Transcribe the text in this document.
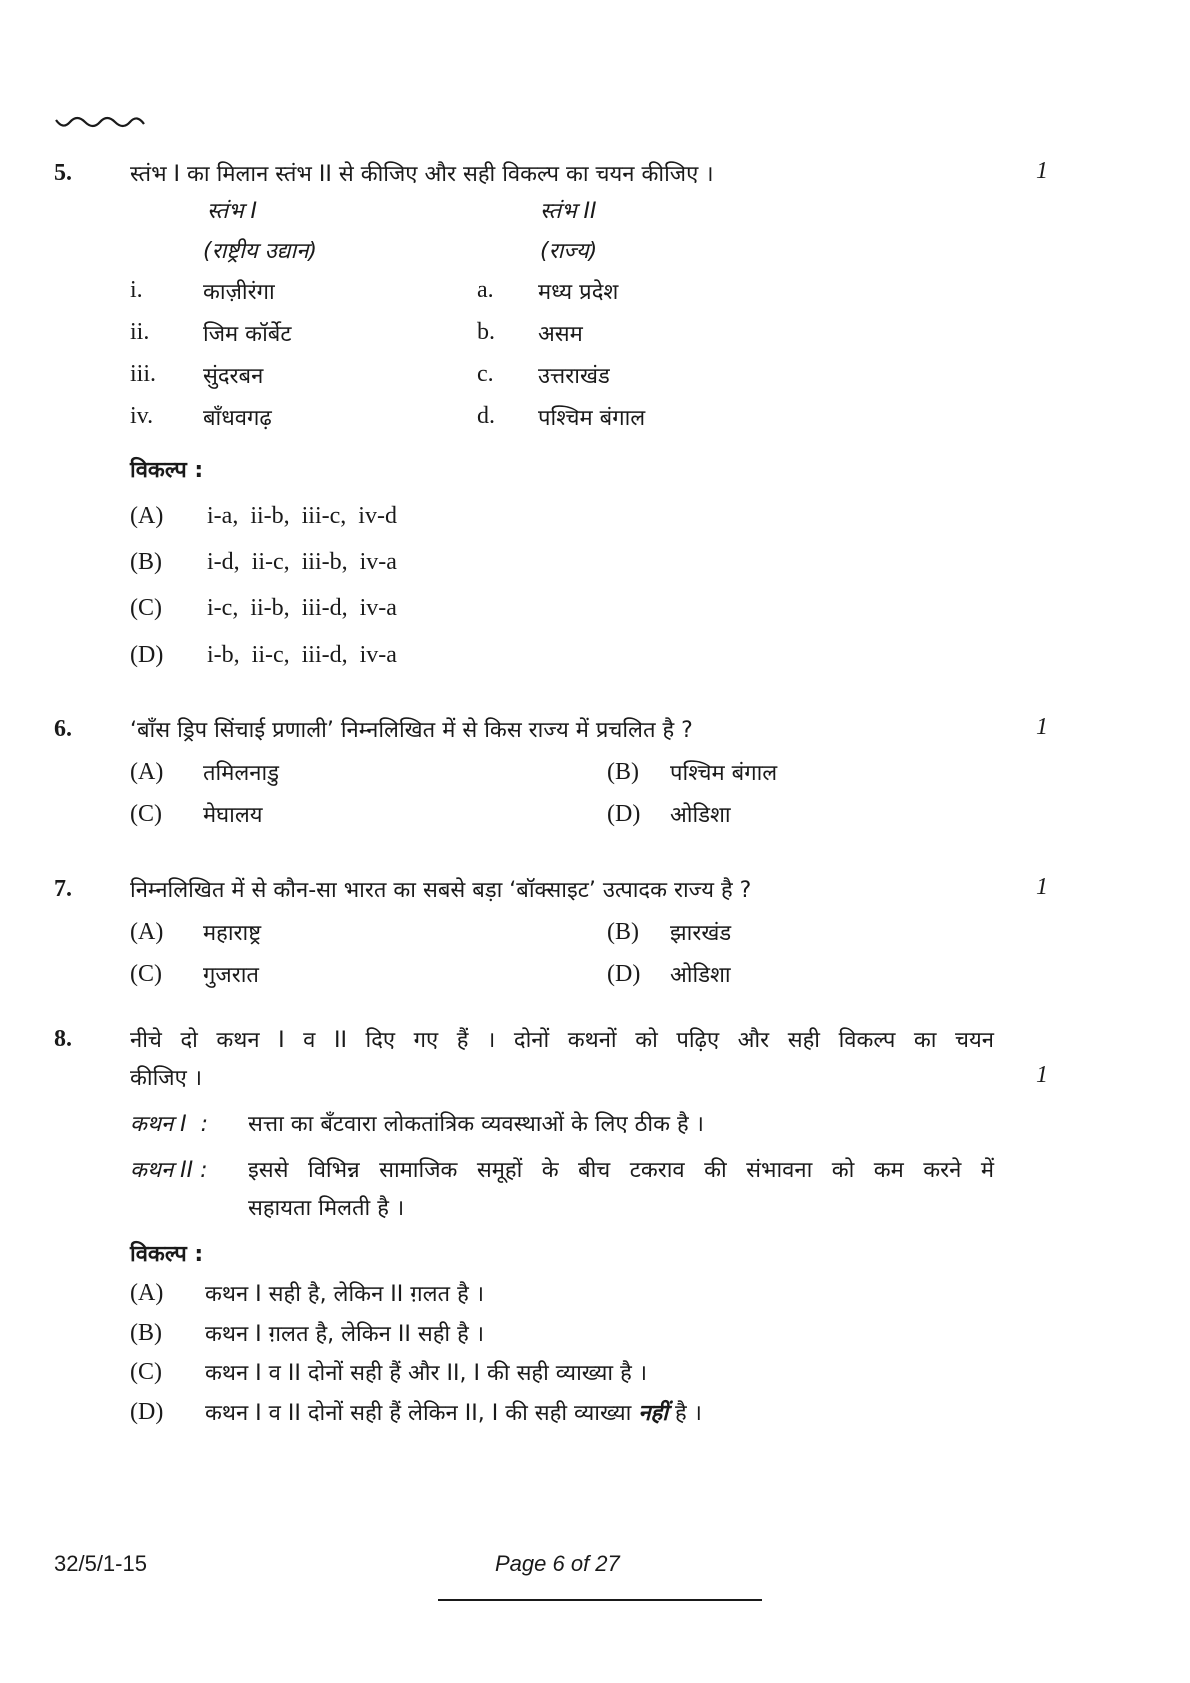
5.	स्तंभ I का मिलान स्तंभ II से कीजिए और सही विकल्प का चयन कीजिए ।	1
स्तंभ I	स्तंभ II
(राष्ट्रीय उद्यान)	(राज्य)
i.	काज़ीरंगा	a. मध्य प्रदेश
ii. जिम कॉर्बेट	b. असम
iii. सुंदरबन	c. उत्तराखंड
iv. बाँधवगढ़	d. पश्चिम बंगाल
विकल्प :
(A) i-a,  ii-b,  iii-c,  iv-d
(B) i-d,  ii-c,  iii-b,  iv-a
(C) i-c,  ii-b,  iii-d,  iv-a
(D) i-b,  ii-c,  iii-d,  iv-a
6.	‘बाँस ड्रिप सिंचाई प्रणाली’ निम्नलिखित में से किस राज्य में प्रचलित है ?	1
(A) तमिलनाडु	(B) पश्चिम बंगाल
(C) मेघालय	(D) ओडिशा
7.	निम्नलिखित में से कौन-सा भारत का सबसे बड़ा ‘बॉक्साइट’ उत्पादक राज्य है ?	1
(A) महाराष्ट्र	(B) झारखंड
(C) गुजरात	(D) ओडिशा
8.	नीचे दो कथन I व II दिए गए हैं । दोनों कथनों को पढ़िए और सही विकल्प का चयन
कीजिए ।	1
कथन I  : सत्ता का बँटवारा लोकतांत्रिक व्यवस्थाओं के लिए ठीक है ।
कथन II : इससे विभिन्न सामाजिक समूहों के बीच टकराव की संभावना को कम करने में
सहायता मिलती है ।
विकल्प :
(A) कथन I सही है, लेकिन II ग़लत है ।
(B) कथन I ग़लत है, लेकिन II सही है ।
(C) कथन I व II दोनों सही हैं और II, I की सही व्याख्या है ।
(D) कथन I व II दोनों सही हैं लेकिन II, I की सही व्याख्या नहीं है ।
32/5/1-15	Page 6 of 27
